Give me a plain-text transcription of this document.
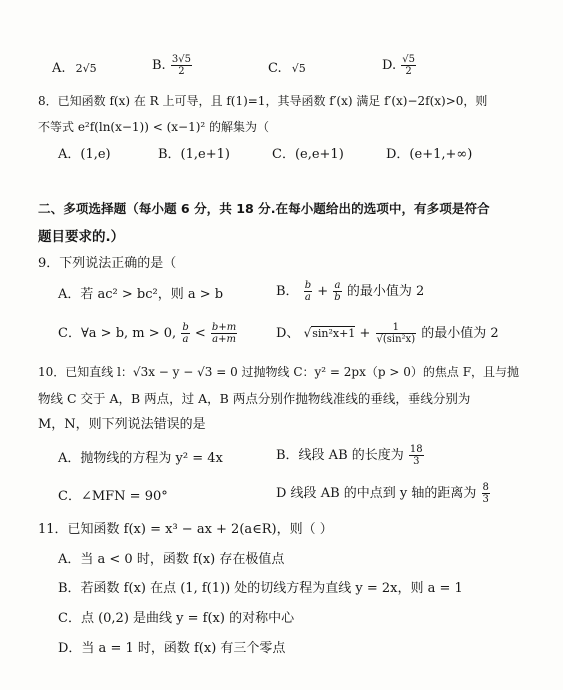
A. 2√5	B. $\frac{3√5}{2}$	C. √5	D. $\frac{√5}{2}$
8．已知函数 f(x) 在 R 上可导，且 f(1)=1，其导函数 f′(x) 满足 f′(x)−2f(x)>0，则
不等式 e²f(ln(x−1)) < (x−1)² 的解集为（
A．(1,e)	B．(1,e+1)	C．(e,e+1)	D．(e+1,+∞)
二、多项选择题（每小题 6 分，共 18 分.在每小题给出的选项中，有多项是符合
题目要求的.）
9．下列说法正确的是（
A．若 ac² > bc²，则 a > b	B． $\frac{b}{a} + \frac{a}{b}$ 的最小值为 2
C．∀a > b, m > 0, $\frac{b}{a} < \frac{b+m}{a+m}$	D、 $√\sin^2x+1 + \frac{1}{\text{√(sin²x)}}$ 的最小值为 2
10．已知直线 l：√3x − y − √3 = 0 过抛物线 C：y² = 2px（p > 0）的焦点 F，且与抛
物线 C 交于 A，B 两点，过 A，B 两点分别作抛物线准线的垂线，垂线分别为
M，N，则下列说法错误的是
A．抛物线的方程为 y² = 4x	B．线段 AB 的长度为 $\frac{18}{3}$
C．∠MFN = 90°	D 线段 AB 的中点到 y 轴的距离为 $\frac{8}{3}$
11．已知函数 f(x) = x³ − ax + 2(a∈R)，则（ ）
A．当 a < 0 时，函数 f(x) 存在极值点
B．若函数 f(x) 在点 (1, f(1)) 处的切线方程为直线 y = 2x，则 a = 1
C．点 (0,2) 是曲线 y = f(x) 的对称中心
D．当 a = 1 时，函数 f(x) 有三个零点
